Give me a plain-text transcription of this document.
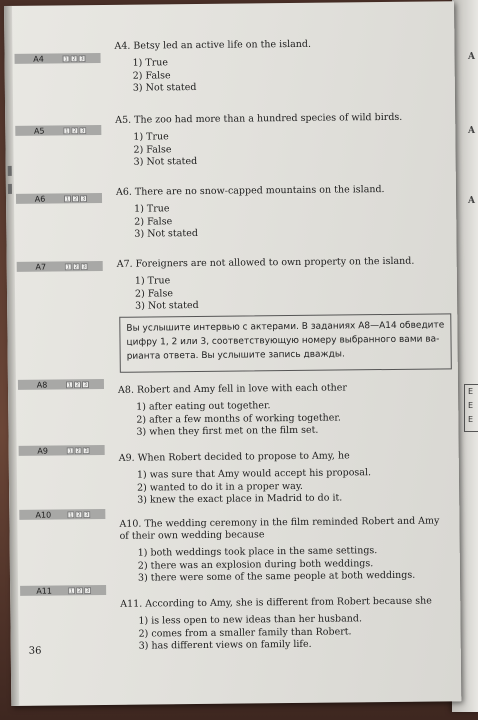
A
A
A
E
E
E
A4	1 2 3
A4. Betsy led an active life on the island.
1) True
2) False
3) Not stated
A5	1 2 3
A5. The zoo had more than a hundred species of wild birds.
1) True
2) False
3) Not stated
A6	1 2 3
A6. There are no snow-capped mountains on the island.
1) True
2) False
3) Not stated
A7	1 2 3	A7. Foreigners are not allowed to own property on the island.
1) True
2) False
3) Not stated
Вы услышите интервью с актерами. В заданиях А8—А14 обведите
цифру 1, 2 или 3, соответствующую номеру выбранного вами ва-
рианта ответа. Вы услышите запись дважды.
A8	1 2 3	A8. Robert and Amy fell in love with each other
1) after eating out together.
2) after a few months of working together.
3) when they first met on the film set.
A9	1 2 3	A9. When Robert decided to propose to Amy, he
1) was sure that Amy would accept his proposal.
2) wanted to do it in a proper way.
3) knew the exact place in Madrid to do it.
A10	1 2 3
A10. The wedding ceremony in the film reminded Robert and Amy of their own wedding because
1) both weddings took place in the same settings.
2) there was an explosion during both weddings.
3) there were some of the same people at both weddings.
A11	1 2 3
A11. According to Amy, she is different from Robert because she
1) is less open to new ideas than her husband.
2) comes from a smaller family than Robert.
3) has different views on family life.
36
